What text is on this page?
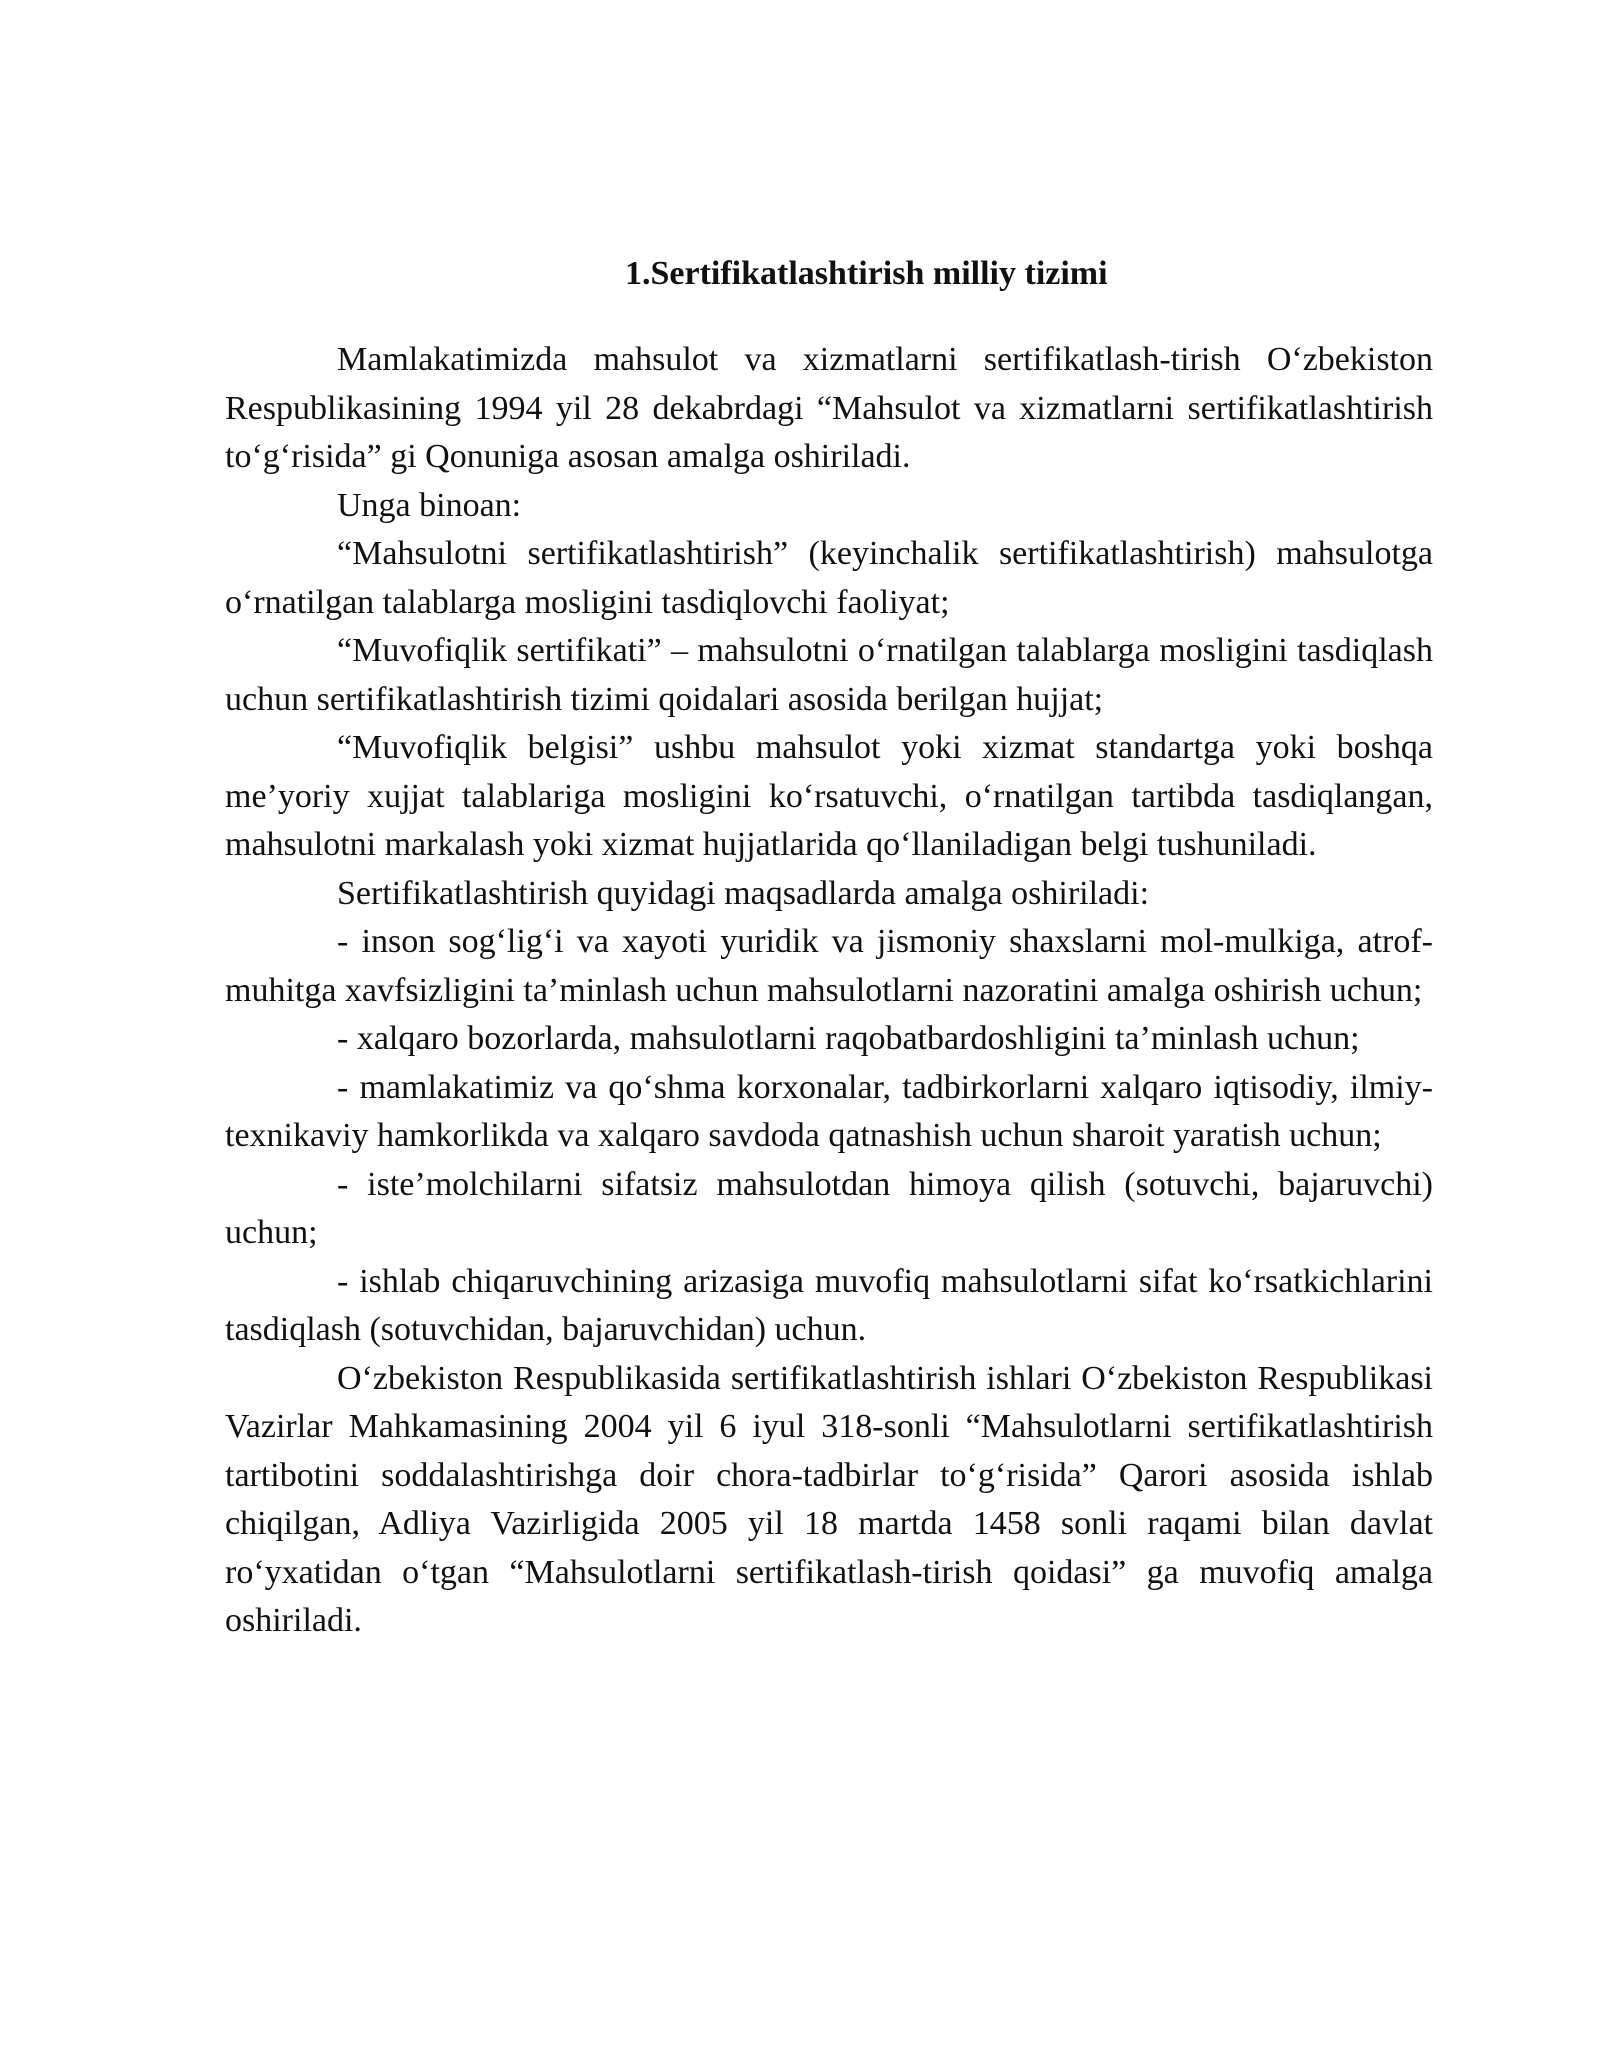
1.Sertifikatlashtirish milliy tizimi

Mamlakatimizda mahsulot va xizmatlarni sertifikatlash-tirish O‘zbekiston Respublikasining 1994 yil 28 dekabrdagi “Mahsulot va xizmatlarni sertifikatlashtirish to‘g‘risida” gi Qonuniga asosan amalga oshiriladi.

Unga binoan:

“Mahsulotni sertifikatlashtirish” (keyinchalik sertifikatlashtirish) mahsulotga o‘rnatilgan talablarga mosligini tasdiqlovchi faoliyat;

“Muvofiqlik sertifikati” – mahsulotni o‘rnatilgan talablarga mosligini tasdiqlash uchun sertifikatlashtirish tizimi qoidalari asosida berilgan hujjat;

“Muvofiqlik belgisi” ushbu mahsulot yoki xizmat standartga yoki boshqa me’yoriy xujjat talablariga mosligini ko‘rsatuvchi, o‘rnatilgan tartibda tasdiqlangan, mahsulotni markalash yoki xizmat hujjatlarida qo‘llaniladigan belgi tushuniladi.

Sertifikatlashtirish quyidagi maqsadlarda amalga oshiriladi:

- inson sog‘lig‘i va xayoti yuridik va jismoniy shaxslarni mol-mulkiga, atrof-muhitga xavfsizligini ta’minlash uchun mahsulotlarni nazoratini amalga oshirish uchun;

- xalqaro bozorlarda, mahsulotlarni raqobatbardoshligini ta’minlash uchun;

- mamlakatimiz va qo‘shma korxonalar, tadbirkorlarni xalqaro iqtisodiy, ilmiy-texnikaviy hamkorlikda va xalqaro savdoda qatnashish uchun sharoit yaratish uchun;

- iste’molchilarni sifatsiz mahsulotdan himoya qilish (sotuvchi, bajaruvchi) uchun;

- ishlab chiqaruvchining arizasiga muvofiq mahsulotlarni sifat ko‘rsatkichlarini tasdiqlash (sotuvchidan, bajaruvchidan) uchun.

O‘zbekiston Respublikasida sertifikatlashtirish ishlari O‘zbekiston Respublikasi Vazirlar Mahkamasining 2004 yil 6 iyul 318-sonli “Mahsulotlarni sertifikatlashtirish tartibotini soddalashtirishga doir chora-tadbirlar to‘g‘risida” Qarori asosida ishlab chiqilgan, Adliya Vazirligida 2005 yil 18 martda 1458 sonli raqami bilan davlat ro‘yxatidan o‘tgan “Mahsulotlarni sertifikatlash-tirish qoidasi” ga muvofiq amalga oshiriladi.
